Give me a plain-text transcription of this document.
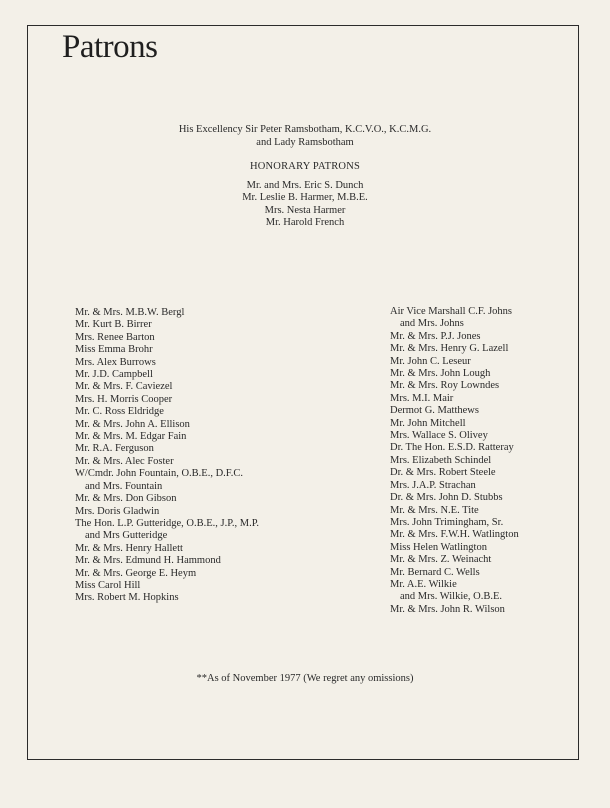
Patrons
His Excellency Sir Peter Ramsbotham, K.C.V.O., K.C.M.G.
and Lady Ramsbotham
HONORARY PATRONS
Mr. and Mrs. Eric S. Dunch
Mr. Leslie B. Harmer, M.B.E.
Mrs. Nesta Harmer
Mr. Harold French
Mr. & Mrs. M.B.W. Bergl
Mr. Kurt B. Birrer
Mrs. Renee Barton
Miss Emma Brohr
Mrs. Alex Burrows
Mr. J.D. Campbell
Mr. & Mrs. F. Caviezel
Mrs. H. Morris Cooper
Mr. C. Ross Eldridge
Mr. & Mrs. John A. Ellison
Mr. & Mrs. M. Edgar Fain
Mr. R.A. Ferguson
Mr. & Mrs. Alec Foster
W/Cmdr. John Fountain, O.B.E., D.F.C.
and Mrs. Fountain
Mr. & Mrs. Don Gibson
Mrs. Doris Gladwin
The Hon. L.P. Gutteridge, O.B.E., J.P., M.P.
and Mrs Gutteridge
Mr. & Mrs. Henry Hallett
Mr. & Mrs. Edmund H. Hammond
Mr. & Mrs. George E. Heym
Miss Carol Hill
Mrs. Robert M. Hopkins
Air Vice Marshall C.F. Johns
and Mrs. Johns
Mr. & Mrs. P.J. Jones
Mr. & Mrs. Henry G. Lazell
Mr. John C. Leseur
Mr. & Mrs. John Lough
Mr. & Mrs. Roy Lowndes
Mrs. M.I. Mair
Dermot G. Matthews
Mr. John Mitchell
Mrs. Wallace S. Olivey
Dr. The Hon. E.S.D. Ratteray
Mrs. Elizabeth Schindel
Dr. & Mrs. Robert Steele
Mrs. J.A.P. Strachan
Dr. & Mrs. John D. Stubbs
Mr. & Mrs. N.E. Tite
Mrs. John Trimingham, Sr.
Mr. & Mrs. F.W.H. Watlington
Miss Helen Watlington
Mr. & Mrs. Z. Weinacht
Mr. Bernard C. Wells
Mr. A.E. Wilkie
and Mrs. Wilkie, O.B.E.
Mr. & Mrs. John R. Wilson
**As of November 1977 (We regret any omissions)
